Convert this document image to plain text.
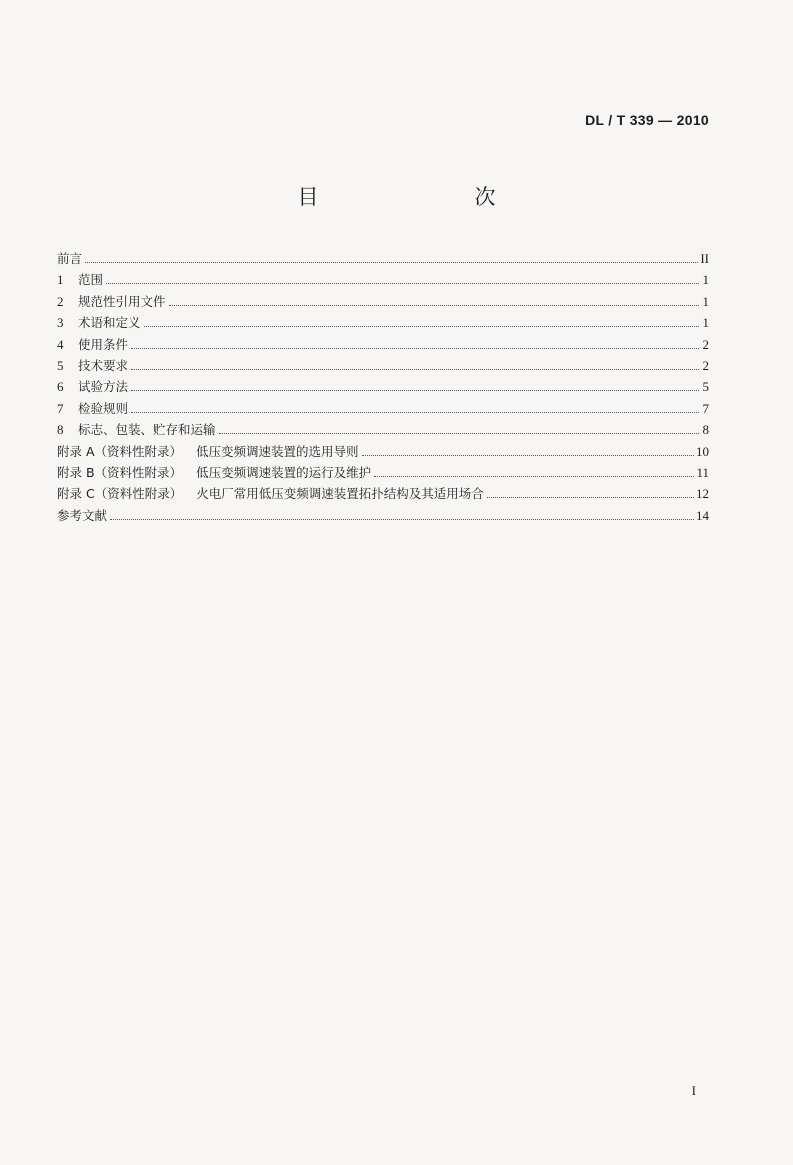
DL / T 339 — 2010
目　　次
前言	II
1	范围	1
2	规范性引用文件	1
3	术语和定义	1
4	使用条件	2
5	技术要求	2
6	试验方法	5
7	检验规则	7
8	标志、包装、贮存和运输	8
附录 A（资料性附录） 低压变频调速装置的选用导则	10
附录 B（资料性附录） 低压变频调速装置的运行及维护	11
附录 C（资料性附录） 火电厂常用低压变频调速装置拓扑结构及其适用场合	12
参考文献	14
I
